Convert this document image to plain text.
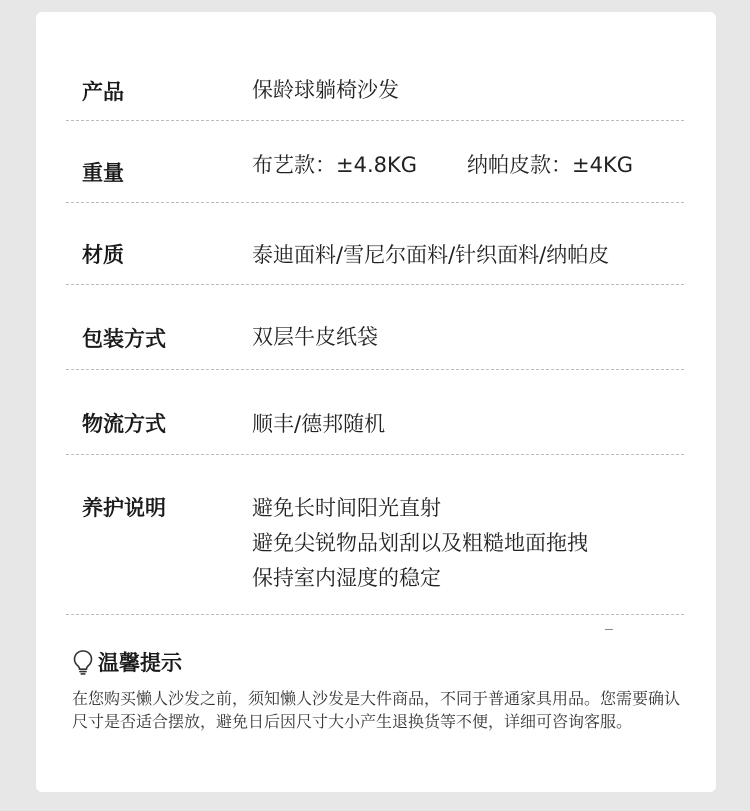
产品	保龄球躺椅沙发
重量	布艺款：±4.8KG 纳帕皮款：±4KG
材质	泰迪面料/雪尼尔面料/针织面料/纳帕皮
包装方式	双层牛皮纸袋
物流方式	顺丰/德邦随机
养护说明	避免长时间阳光直射
避免尖锐物品划刮以及粗糙地面拖拽
保持室内湿度的稳定
温馨提示
在您购买懒人沙发之前，须知懒人沙发是大件商品，不同于普通家具用品。您需要确认尺寸是否适合摆放，避免日后因尺寸大小产生退换货等不便，详细可咨询客服。
